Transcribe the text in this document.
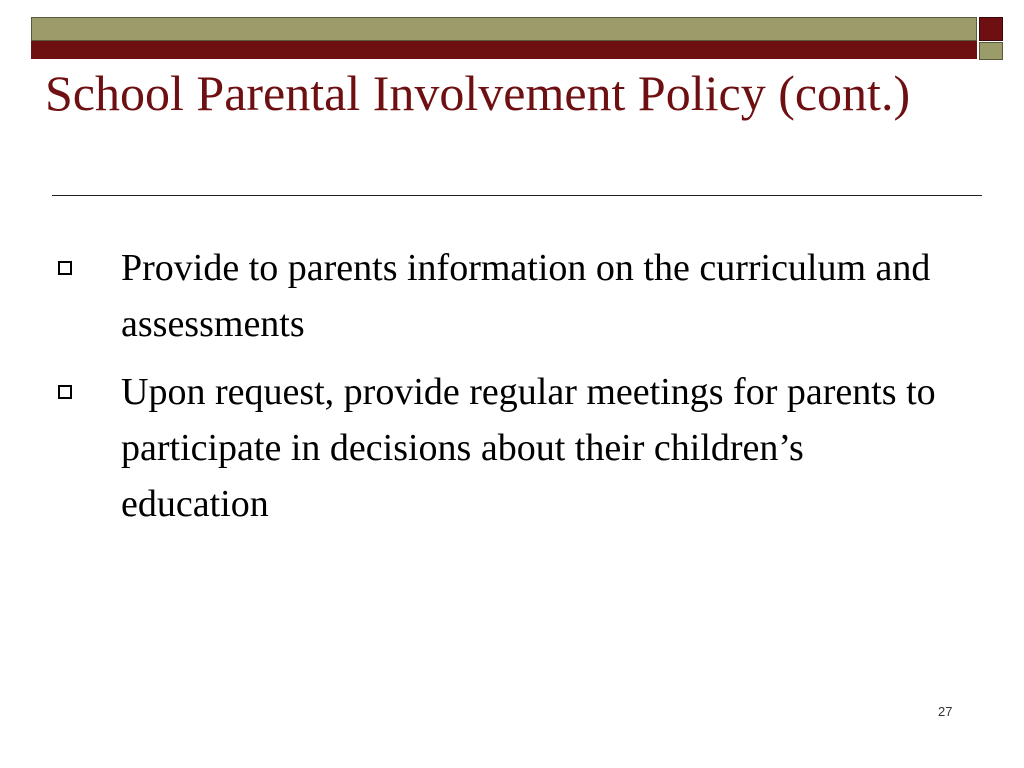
School Parental Involvement Policy (cont.)
Provide to parents information on the curriculum and assessments
Upon request, provide regular meetings for parents to participate in decisions about their children’s education
27
